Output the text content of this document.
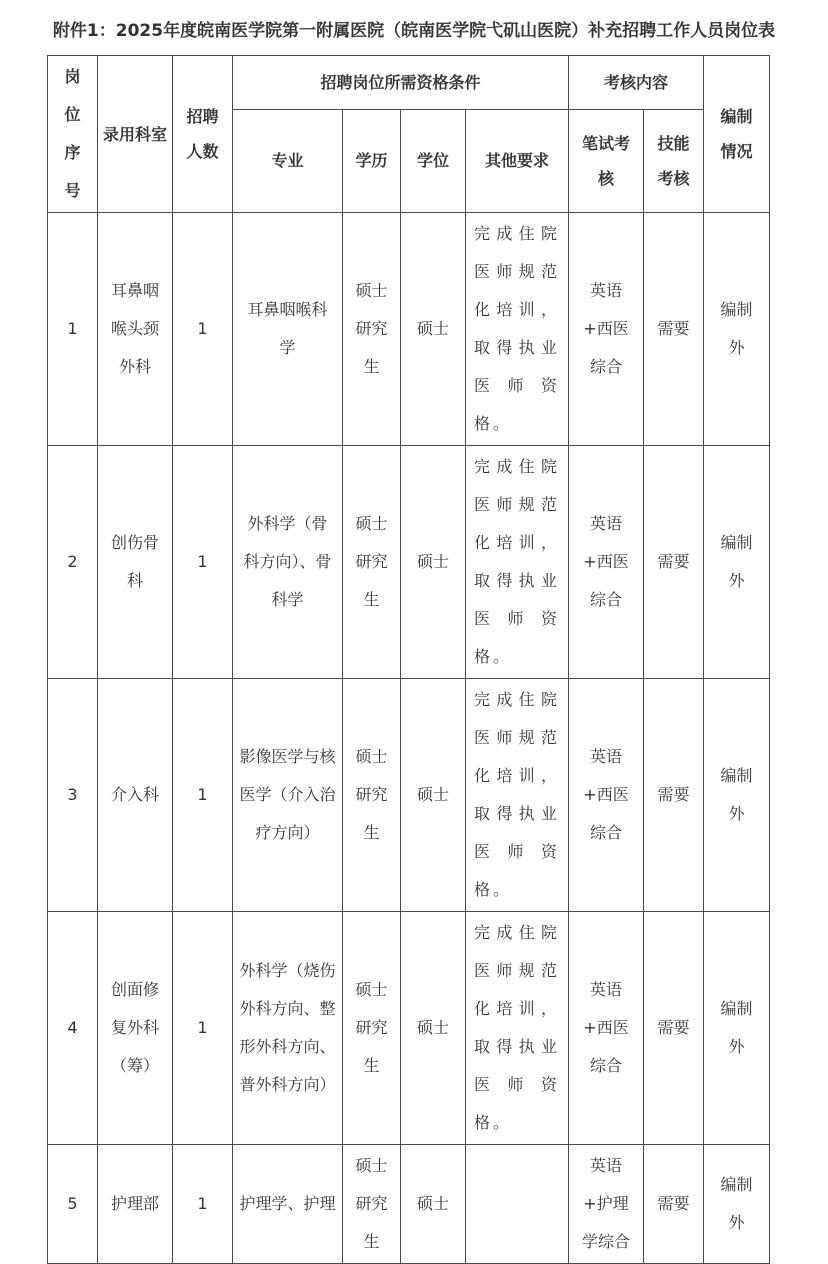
附件1：2025年度皖南医学院第一附属医院（皖南医学院弋矶山医院）补充招聘工作人员岗位表
岗位序号	录用科室	招聘人数	招聘岗位所需资格条件				考核内容		编制情况
			专业	学历	学位	其他要求	笔试考核	技能考核	
1	耳鼻咽喉头颈外科	1	耳鼻咽喉科学	硕士研究生	硕士	完成住院医师规范化培训，取得执业医师资格。	英语+西医综合	需要	编制外
2	创伤骨科	1	外科学（骨科方向）、骨科学	硕士研究生	硕士	完成住院医师规范化培训，取得执业医师资格。	英语+西医综合	需要	编制外
3	介入科	1	影像医学与核医学（介入治疗方向）	硕士研究生	硕士	完成住院医师规范化培训，取得执业医师资格。	英语+西医综合	需要	编制外
4	创面修复外科（筹）	1	外科学（烧伤外科方向、整形外科方向、普外科方向）	硕士研究生	硕士	完成住院医师规范化培训，取得执业医师资格。	英语+西医综合	需要	编制外
5	护理部	1	护理学、护理	硕士研究生	硕士		英语+护理学综合	需要	编制外
